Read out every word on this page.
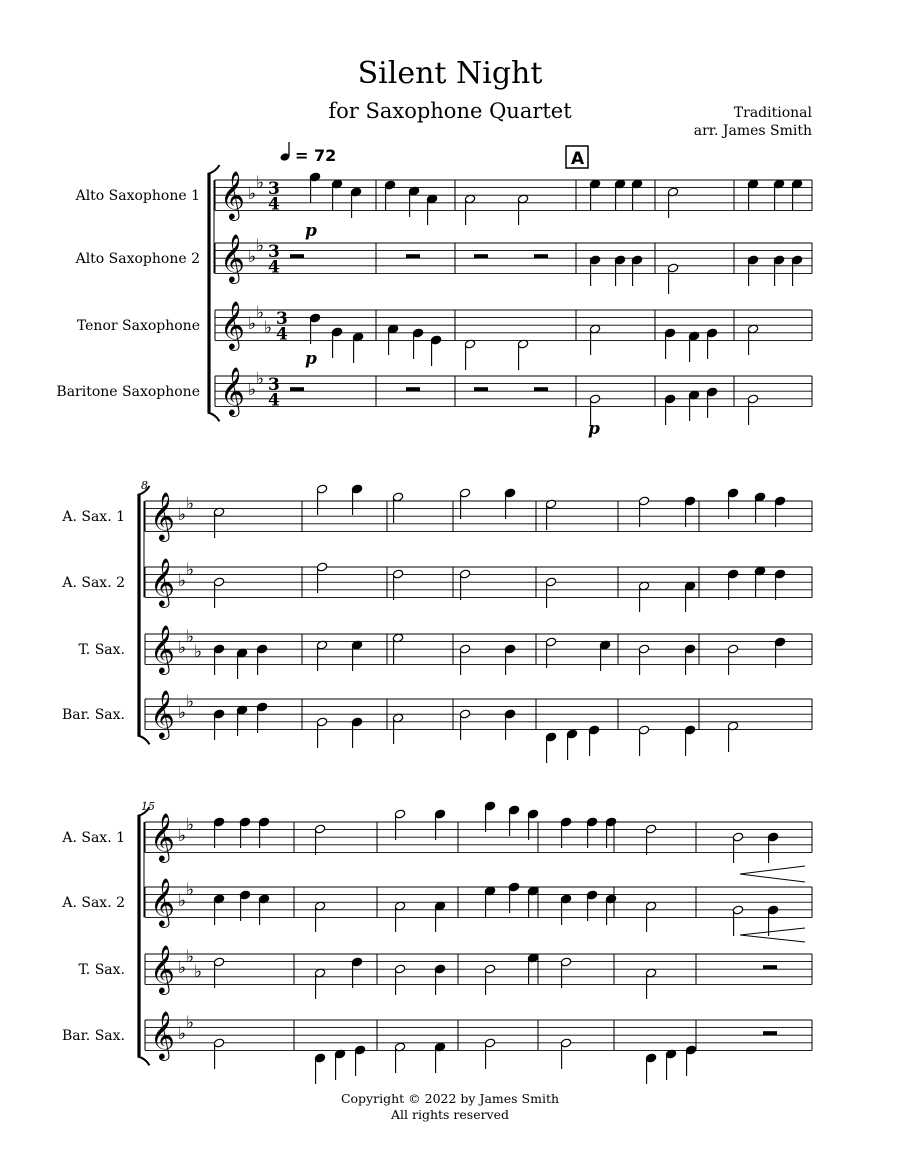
Silent Night
for Saxophone Quartet	Traditional
arr. James Smith
= 72	A
𝄞 ♭
♭ 3
4
Alto Saxophone 1
𝄞 ♭
♭ 3
4
Alto Saxophone 2
𝄞 ♭
♭
♭ 3
4
Tenor Saxophone
𝄞 ♭
♭ 3
4
Baritone Saxophone
8
𝄞 ♭
♭
A. Sax. 1
𝄞 ♭
♭
A. Sax. 2
𝄞 ♭
♭
♭
T. Sax.
𝄞 ♭
♭
Bar. Sax.
15
𝄞 ♭
♭
A. Sax. 1
𝄞 ♭
♭
A. Sax. 2
𝄞 ♭
♭
♭
T. Sax.
𝄞 ♭
♭
Bar. Sax.
p
p
p
Copyright © 2022 by James Smith
All rights reserved
